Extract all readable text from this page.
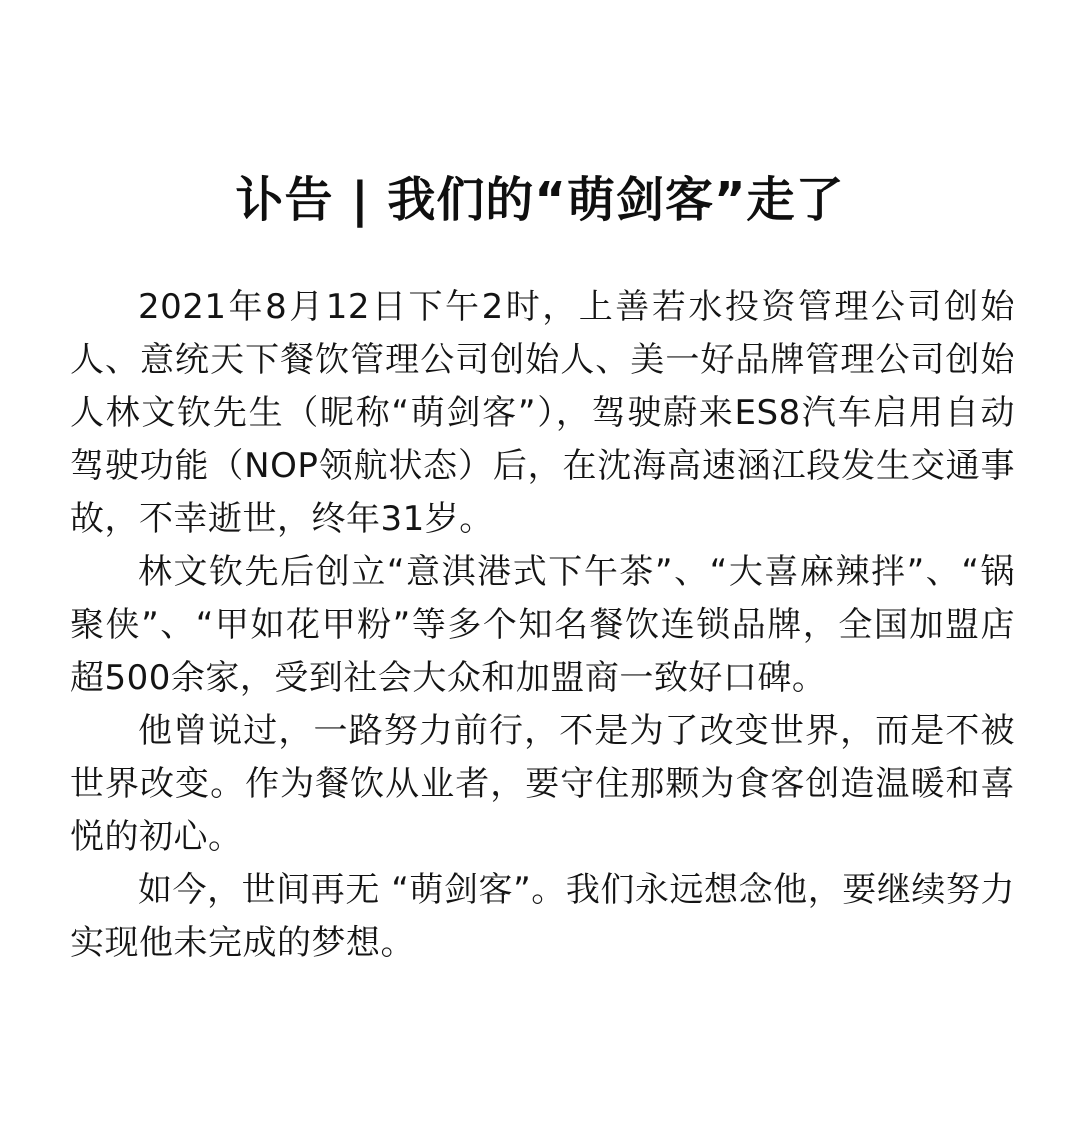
讣告 | 我们的“萌剑客”走了

2021年8月12日下午2时，上善若水投资管理公司创始人、意统天下餐饮管理公司创始人、美一好品牌管理公司创始人林文钦先生（昵称“萌剑客”），驾驶蔚来ES8汽车启用自动驾驶功能（NOP领航状态）后，在沈海高速涵江段发生交通事故，不幸逝世，终年31岁。

林文钦先后创立“意淇港式下午茶”、“大喜麻辣拌”、“锅聚侠”、“甲如花甲粉”等多个知名餐饮连锁品牌，全国加盟店超500余家，受到社会大众和加盟商一致好口碑。

他曾说过，一路努力前行，不是为了改变世界，而是不被世界改变。作为餐饮从业者，要守住那颗为食客创造温暖和喜悦的初心。

如今，世间再无 “萌剑客”。我们永远想念他，要继续努力实现他未完成的梦想。
